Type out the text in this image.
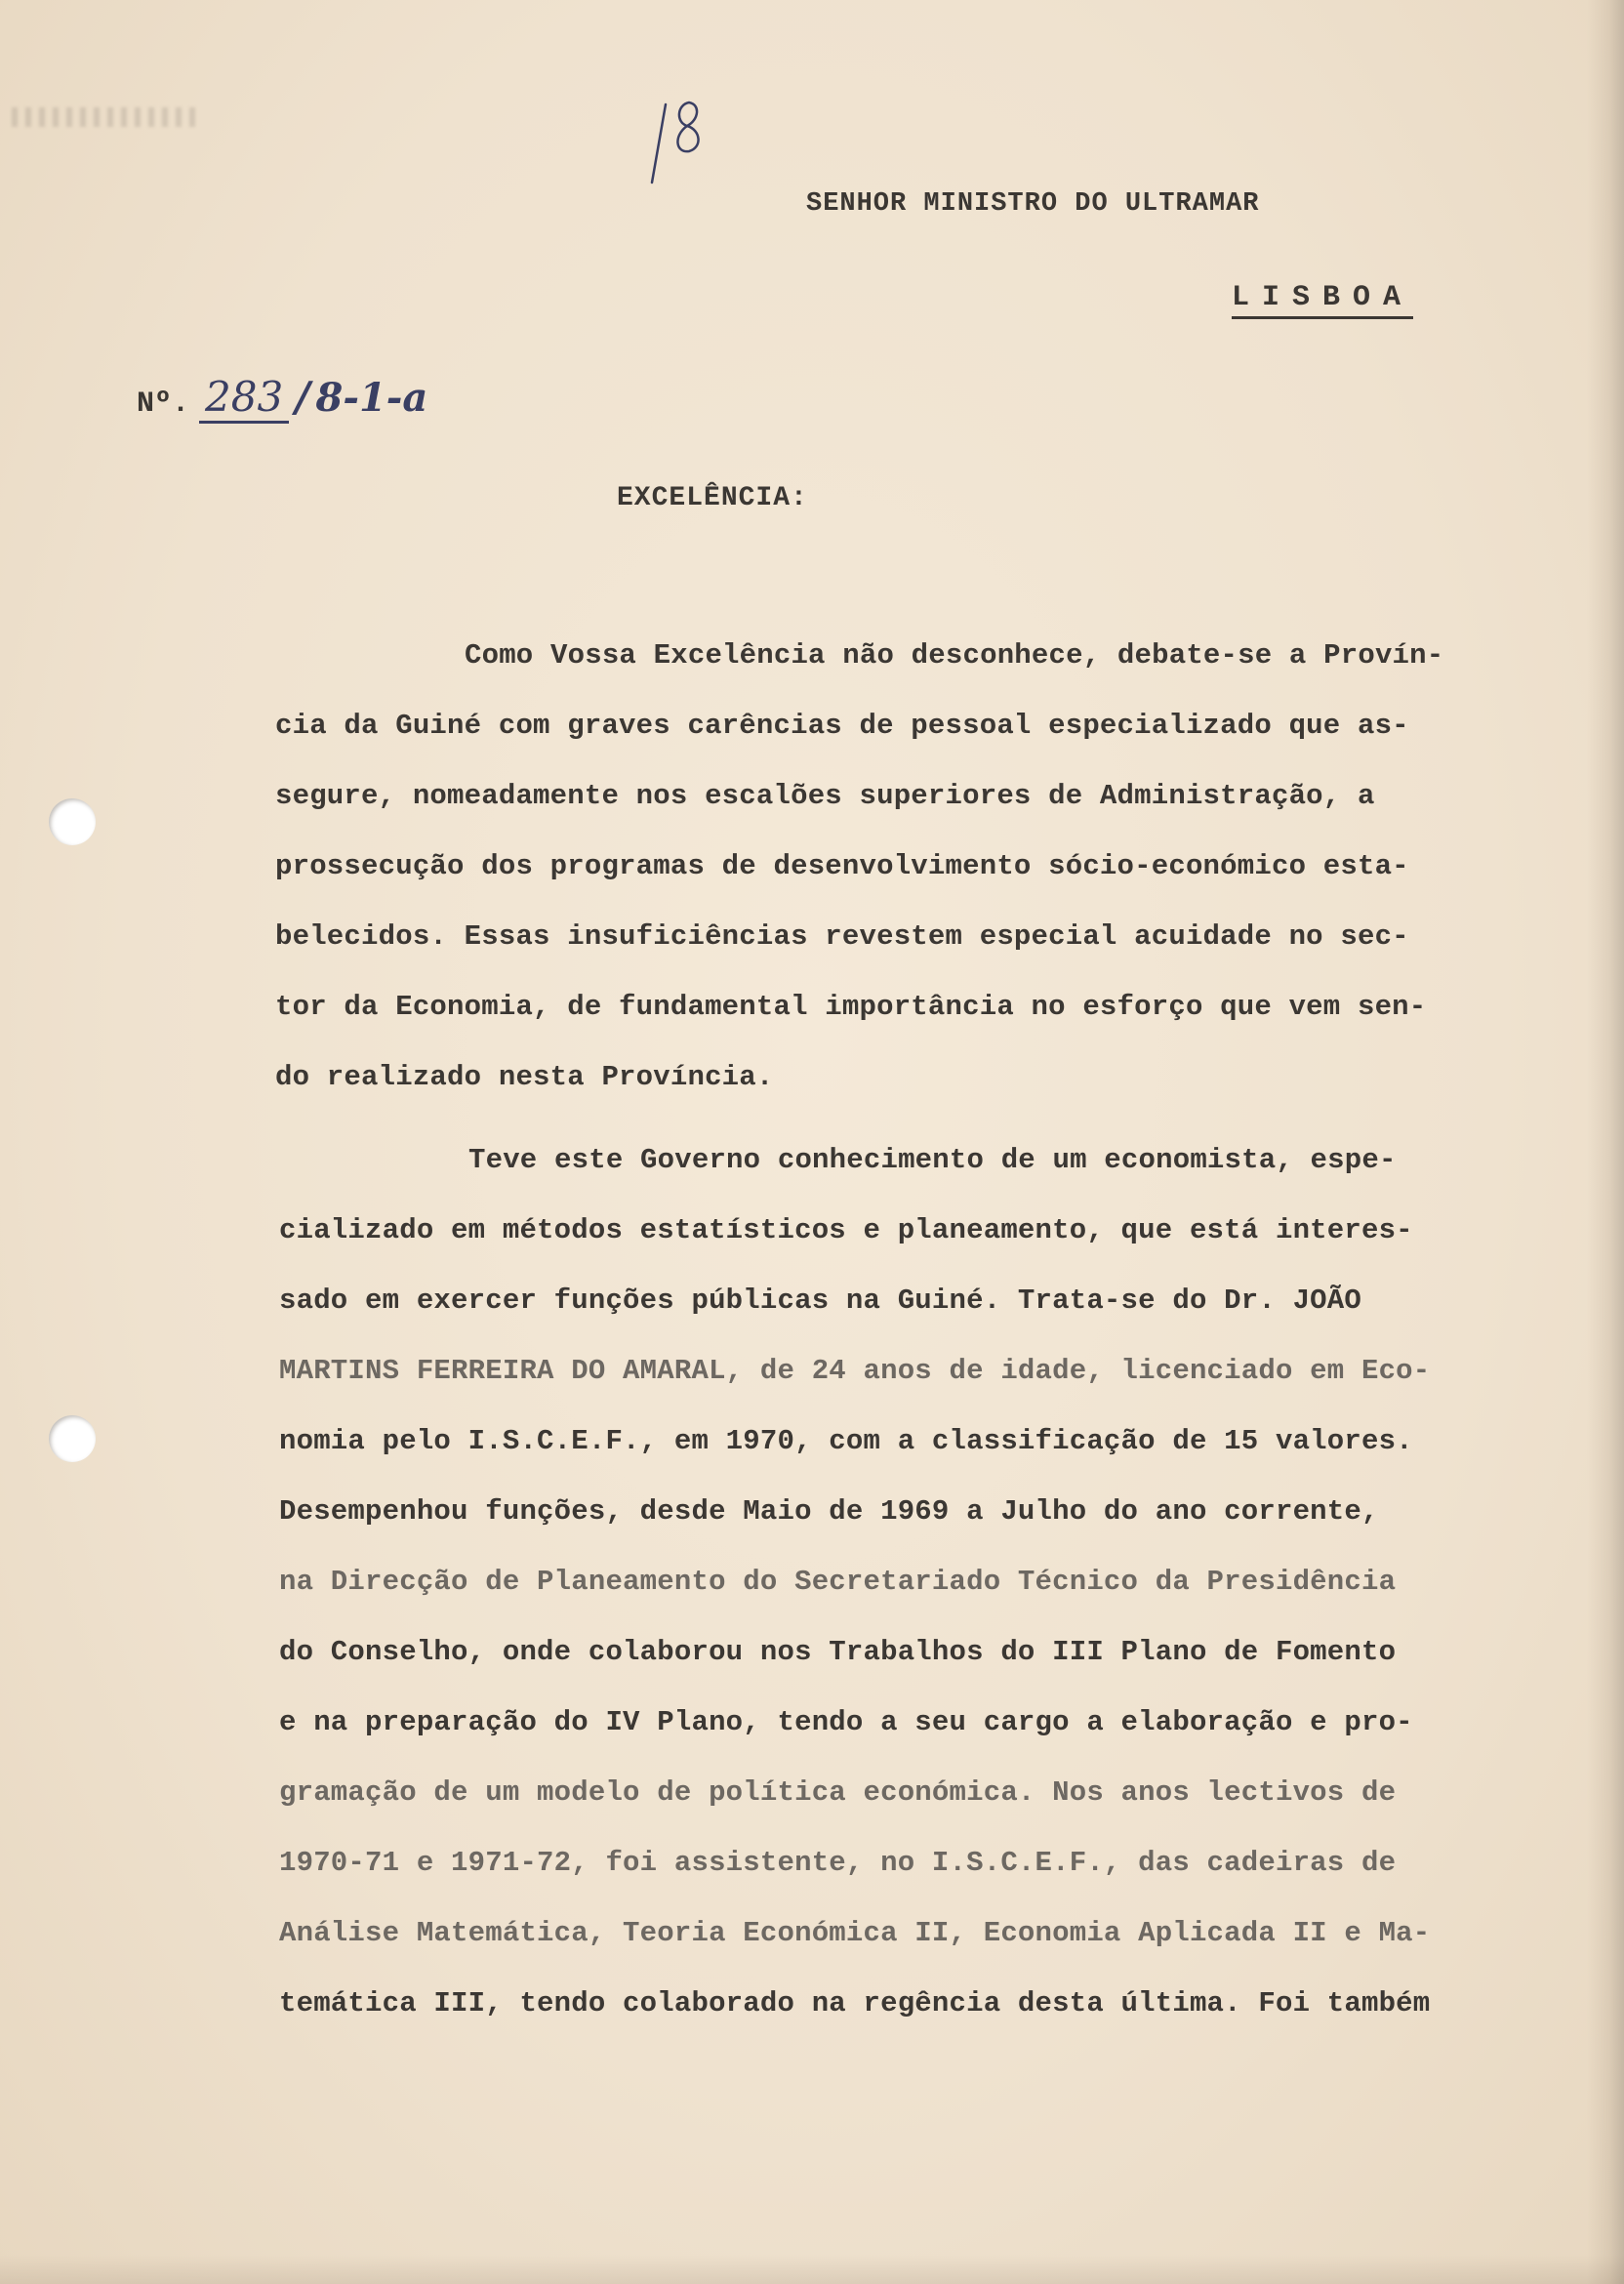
SENHOR MINISTRO DO ULTRAMAR
LISBOA
Nº. 283 / 8-1-a
EXCELÊNCIA:
Como Vossa Excelência não desconhece, debate-se a Provín-
cia da Guiné com graves carências de pessoal especializado que as-
segure, nomeadamente nos escalões superiores de Administração, a
prossecução dos programas de desenvolvimento sócio-económico esta-
belecidos. Essas insuficiências revestem especial acuidade no sec-
tor da Economia, de fundamental importância no esforço que vem sen-
do realizado nesta Província.
Teve este Governo conhecimento de um economista, espe-
cializado em métodos estatísticos e planeamento, que está interes-
sado em exercer funções públicas na Guiné. Trata-se do Dr. JOÃO
MARTINS FERREIRA DO AMARAL, de 24 anos de idade, licenciado em Eco-
nomia pelo I.S.C.E.F., em 1970, com a classificação de 15 valores.
Desempenhou funções, desde Maio de 1969 a Julho do ano corrente,
na Direcção de Planeamento do Secretariado Técnico da Presidência
do Conselho, onde colaborou nos Trabalhos do III Plano de Fomento
e na preparação do IV Plano, tendo a seu cargo a elaboração e pro-
gramação de um modelo de política económica. Nos anos lectivos de
1970-71 e 1971-72, foi assistente, no I.S.C.E.F., das cadeiras de
Análise Matemática, Teoria Económica II, Economia Aplicada II e Ma-
temática III, tendo colaborado na regência desta última. Foi também
